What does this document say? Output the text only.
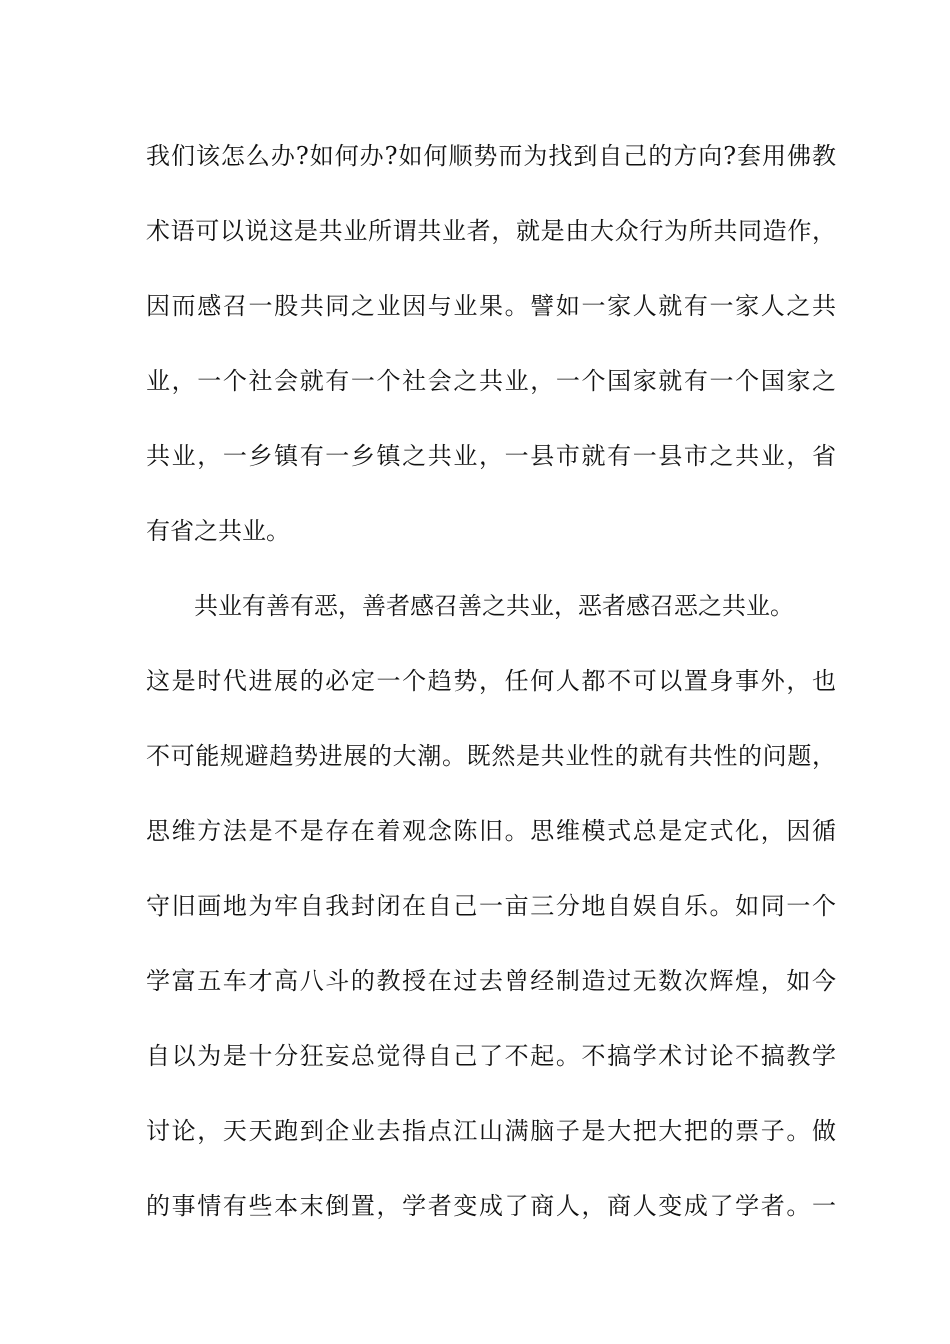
我们该怎么办?如何办?如何顺势而为找到自己的方向?套用佛教
术语可以说这是共业所谓共业者，就是由大众行为所共同造作，
因而感召一股共同之业因与业果。譬如一家人就有一家人之共
业，一个社会就有一个社会之共业，一个国家就有一个国家之
共业，一乡镇有一乡镇之共业，一县市就有一县市之共业，省
有省之共业。
共业有善有恶，善者感召善之共业，恶者感召恶之共业。
这是时代进展的必定一个趋势，任何人都不可以置身事外，也
不可能规避趋势进展的大潮。既然是共业性的就有共性的问题，
思维方法是不是存在着观念陈旧。思维模式总是定式化，因循
守旧画地为牢自我封闭在自己一亩三分地自娱自乐。如同一个
学富五车才高八斗的教授在过去曾经制造过无数次辉煌，如今
自以为是十分狂妄总觉得自己了不起。不搞学术讨论不搞教学
讨论，天天跑到企业去指点江山满脑子是大把大把的票子。做
的事情有些本末倒置，学者变成了商人，商人变成了学者。一
